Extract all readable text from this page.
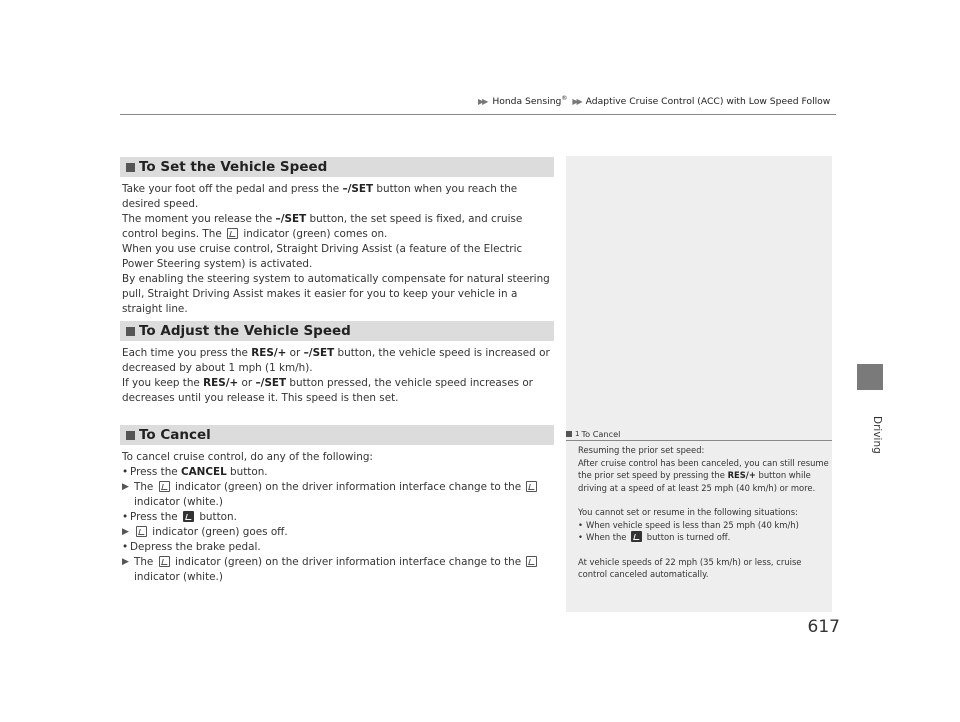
▶▶ Honda Sensing® ▶▶ Adaptive Cruise Control (ACC) with Low Speed Follow
Driving
To Set the Vehicle Speed

Take your foot off the pedal and press the –/SET button when you reach the desired speed.

The moment you release the –/SET button, the set speed is fixed, and cruise control begins. The  indicator (green) comes on.

When you use cruise control, Straight Driving Assist (a feature of the Electric Power Steering system) is activated.

By enabling the steering system to automatically compensate for natural steering pull, Straight Driving Assist makes it easier for you to keep your vehicle in a straight line.

To Adjust the Vehicle Speed

Each time you press the RES/+ or –/SET button, the vehicle speed is increased or decreased by about 1 mph (1 km/h).

If you keep the RES/+ or –/SET button pressed, the vehicle speed increases or decreases until you release it. This speed is then set.

To Cancel

To cancel cruise control, do any of the following:

• Press the CANCEL button.

▶ The  indicator (green) on the driver information interface change to the
indicator (white.)

• Press the  button.

▶ indicator (green) goes off.

• Depress the brake pedal.

▶ The  indicator (green) on the driver information interface change to the
indicator (white.)

1 To Cancel

Resuming the prior set speed:

After cruise control has been canceled, you can still resume the prior set speed by pressing the RES/+ button while driving at a speed of at least 25 mph (40 km/h) or more.

You cannot set or resume in the following situations:

• When vehicle speed is less than 25 mph (40 km/h)

• When the  button is turned off.

At vehicle speeds of 22 mph (35 km/h) or less, cruise control canceled automatically.

617
